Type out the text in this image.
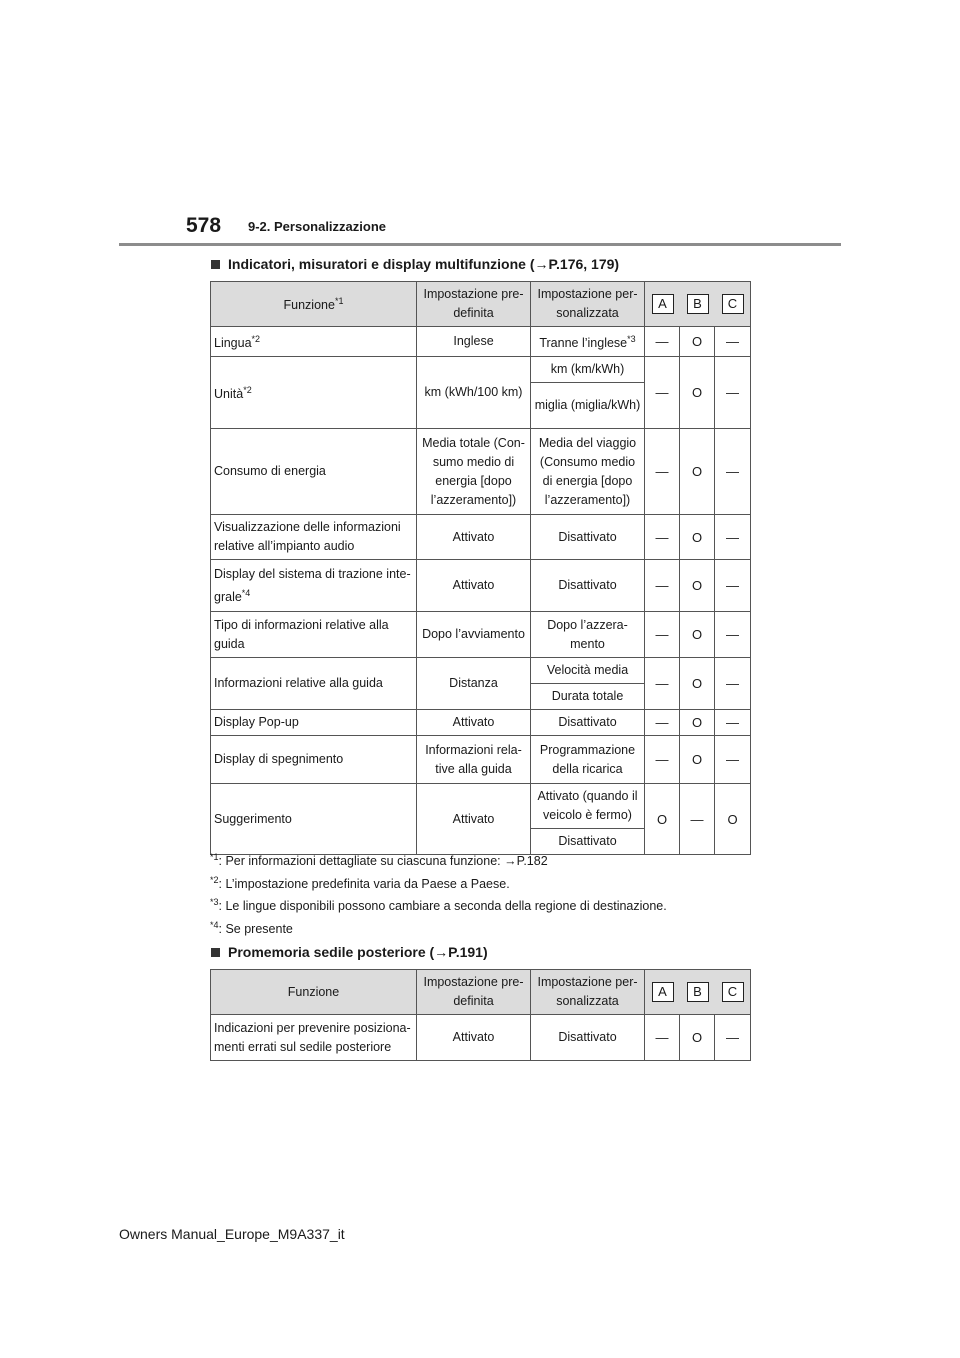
578 9-2. Personalizzazione
Indicatori, misuratori e display multifunzione (→P.176, 179)
Funzione$^{*1}$	Impostazione pre-definita	Impostazione per-sonalizzata	A B C		

Lingua$^{*2}$	Inglese	Tranne l’inglese$^{*3}$	—	O	—
Unità$^{*2}$	km (kWh/100 km)	km (km/kWh)	—	O	—
		miglia (miglia/kWh)			
Consumo di energia	Media totale (Con-sumo medio di energia [dopo l’azzeramento])	Media del viaggio (Consumo medio di energia [dopo l’azzeramento])	—	O	—
Visualizzazione delle informazioni relative all’impianto audio	Attivato	Disattivato	—	O	—
Display del sistema di trazione inte-grale$^{*4}$	Attivato	Disattivato	—	O	—
Tipo di informazioni relative alla guida	Dopo l’avviamento	Dopo l’azzera-mento	—	O	—
Informazioni relative alla guida	Distanza	Velocità media	—	O	—
		Durata totale			
Display Pop-up	Attivato	Disattivato	—	O	—
Display di spegnimento	Informazioni rela-tive alla guida	Programmazione della ricarica	—	O	—
Suggerimento	Attivato	Attivato (quando il veicolo è fermo)	O	—	O
		Disattivato			
$^{*1}$: Per informazioni dettagliate su ciascuna funzione: →P.182
$^{*2}$: L’impostazione predefinita varia da Paese a Paese.
$^{*3}$: Le lingue disponibili possono cambiare a seconda della regione di destinazione.
$^{*4}$: Se presente
Promemoria sedile posteriore (→P.191)
Funzione	Impostazione pre-definita	Impostazione per-sonalizzata	A B C		

Indicazioni per prevenire posiziona-menti errati sul sedile posteriore	Attivato	Disattivato	—	O	—
Owners Manual_Europe_M9A337_it
